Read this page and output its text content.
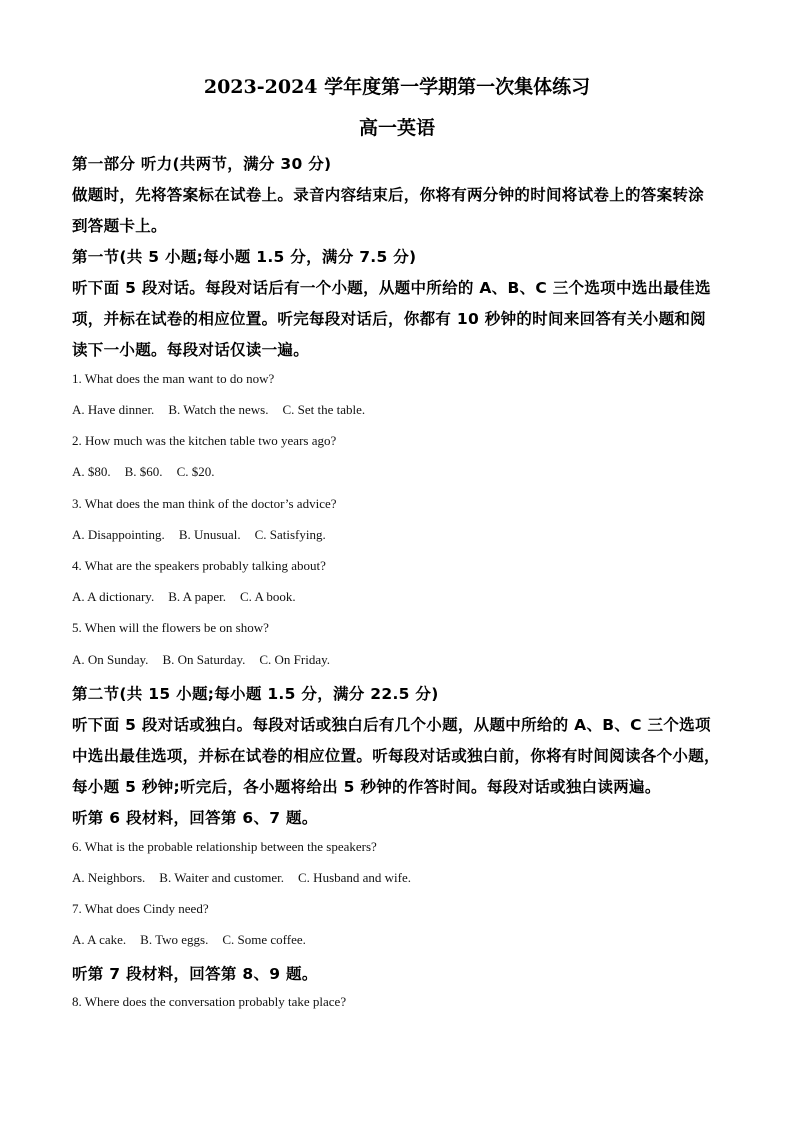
2023-2024 学年度第一学期第一次集体练习
高一英语
第一部分 听力(共两节，满分 30 分)
做题时，先将答案标在试卷上。录音内容结束后，你将有两分钟的时间将试卷上的答案转涂
到答题卡上。
第一节(共 5 小题;每小题 1.5 分，满分 7.5 分)
听下面 5 段对话。每段对话后有一个小题，从题中所给的 A、B、C 三个选项中选出最佳选
项，并标在试卷的相应位置。听完每段对话后，你都有 10 秒钟的时间来回答有关小题和阅
读下一小题。每段对话仅读一遍。
1. What does the man want to do now?
A. Have dinner. B. Watch the news. C. Set the table.
2. How much was the kitchen table two years ago?
A. $80. B. $60. C. $20.
3. What does the man think of the doctor’s advice?
A. Disappointing. B. Unusual. C. Satisfying.
4. What are the speakers probably talking about?
A. A dictionary. B. A paper. C. A book.
5. When will the flowers be on show?
A. On Sunday. B. On Saturday. C. On Friday.
第二节(共 15 小题;每小题 1.5 分，满分 22.5 分)
听下面 5 段对话或独白。每段对话或独白后有几个小题，从题中所给的 A、B、C 三个选项
中选出最佳选项，并标在试卷的相应位置。听每段对话或独白前，你将有时间阅读各个小题，
每小题 5 秒钟;听完后，各小题将给出 5 秒钟的作答时间。每段对话或独白读两遍。
听第 6 段材料，回答第 6、7 题。
6. What is the probable relationship between the speakers?
A. Neighbors. B. Waiter and customer. C. Husband and wife.
7. What does Cindy need?
A. A cake. B. Two eggs. C. Some coffee.
听第 7 段材料，回答第 8、9 题。
8. Where does the conversation probably take place?
